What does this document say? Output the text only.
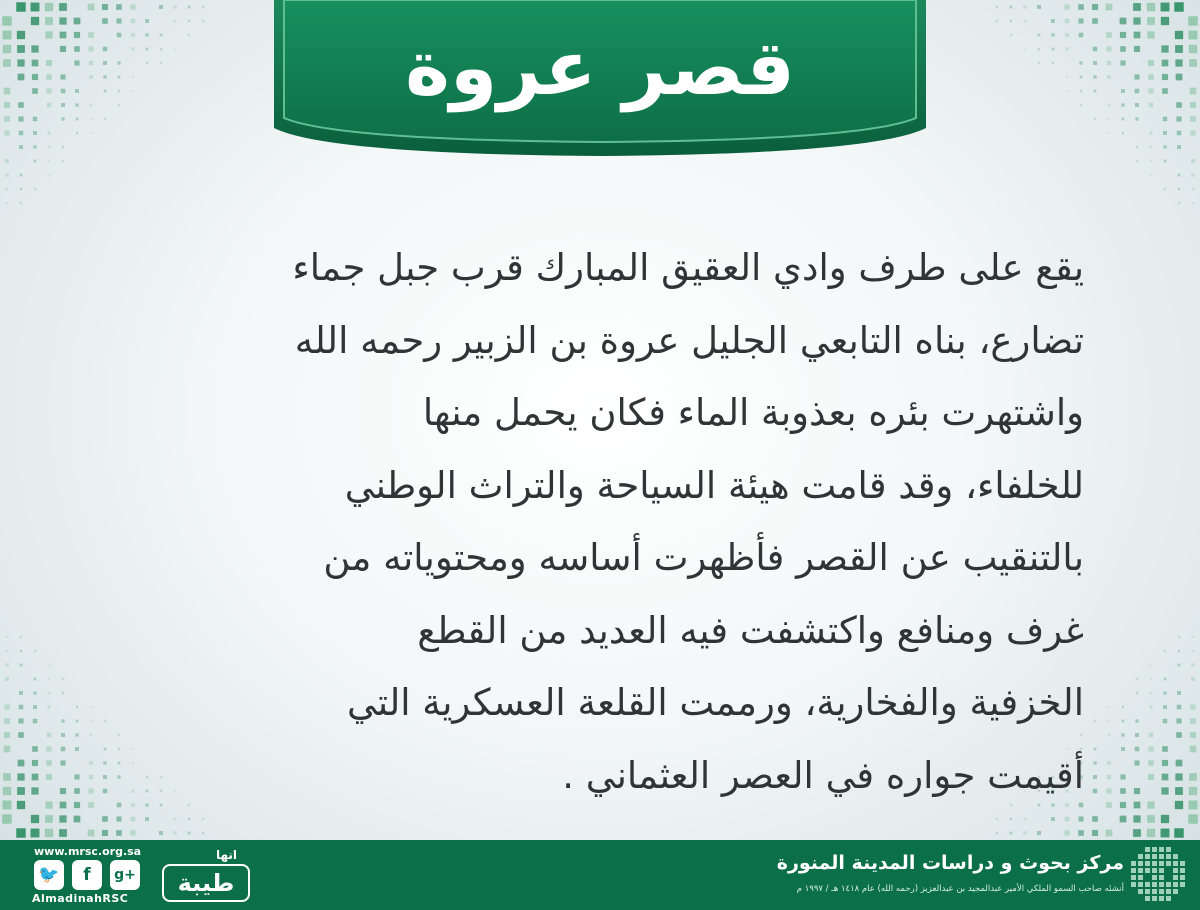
قصر عروة

يقع على طرف وادي العقيق المبارك قرب جبل جماء
تضارع، بناه التابعي الجليل عروة بن الزبير رحمه الله
واشتهرت بئره بعذوبة الماء فكان يحمل منها
للخلفاء، وقد قامت هيئة السياحة والتراث الوطني
بالتنقيب عن القصر فأظهرت أساسه ومحتوياته من
غرف ومنافع واكتشفت فيه العديد من القطع
الخزفية والفخارية، ورممت القلعة العسكرية التي
أقيمت جواره في العصر العثماني .

www.mrsc.org.sa
🐦	f	g+
AlmadinahRSC
انها
طيبة
مركز بحوث و دراسات المدينة المنورة
أنشئه صاحب السمو الملكي الأمير عبدالمجيد بن عبدالعزيز (رحمه الله) عام ١٤١٨ هـ / ١٩٩٧ م
